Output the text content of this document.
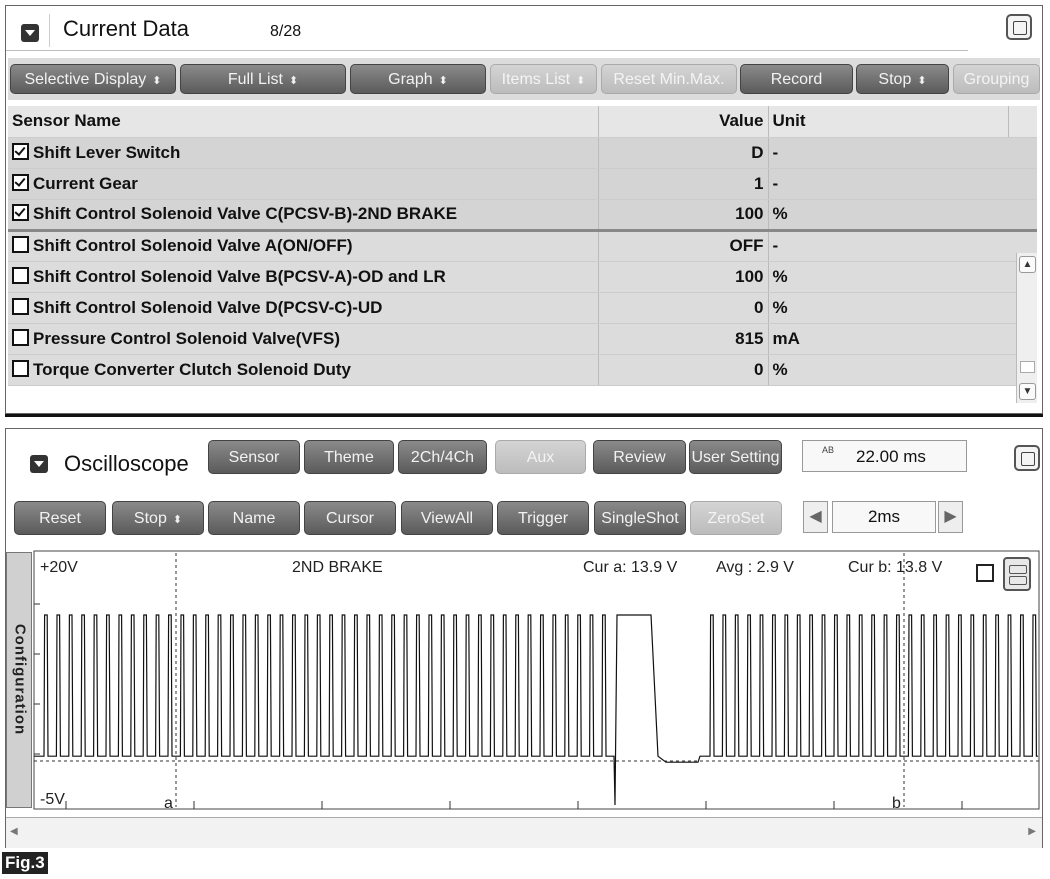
Current Data	8/28
Selective Display ⬍	Full List ⬍	Graph ⬍	Items List ⬍	Reset Min.Max.	Record	Stop ⬍	Grouping
Sensor Name	Value	Unit	
Shift Lever Switch	D	-	
Current Gear	1	-	
Shift Control Solenoid Valve C(PCSV-B)-2ND BRAKE	100	%	
Shift Control Solenoid Valve A(ON/OFF)	OFF	-	
Shift Control Solenoid Valve B(PCSV-A)-OD and LR	100	%	
Shift Control Solenoid Valve D(PCSV-C)-UD	0	%	
Pressure Control Solenoid Valve(VFS)	815	mA	
Torque Converter Clutch Solenoid Duty	0	%	
▲
▼
Oscilloscope	Sensor	Theme	2Ch/4Ch	Aux	Review	User Setting	AB 22.00 ms
Reset	Stop ⬍	Name	Cursor	ViewAll	Trigger	SingleShot	ZeroSet	◀	2ms	▶
Configuration
+20V
-5V
2ND BRAKE	Cur a: 13.9 V Avg : 2.9 V	Cur b: 13.8 V
a	b
◀	▶
Fig.3
